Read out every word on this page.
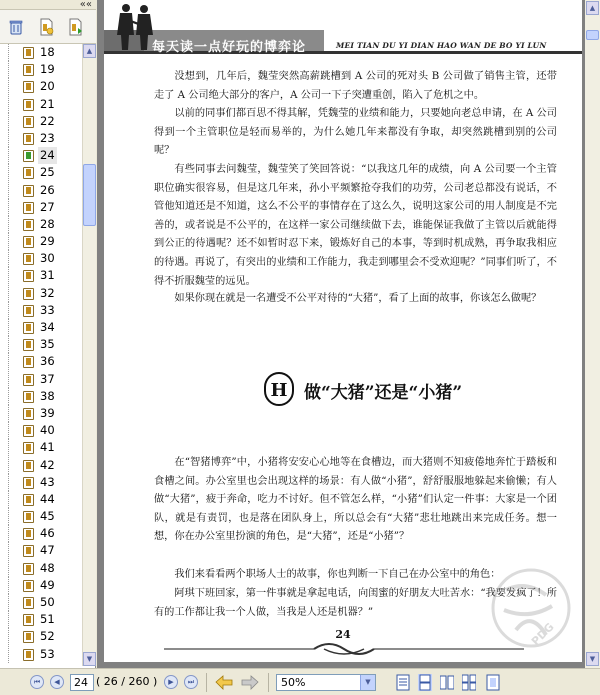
««
18
19
20
21
22
23
24
25
26
27
28
29
30
31
32
33
34
35
36
37
38
39
40
41
42
43
44
45
46
47
48
49
50
51
52
53
▲
▼
每天读一点好玩的博弈论	MEI TIAN DU YI DIAN HAO WAN DE BO YI LUN
没想到，几年后，魏莹突然高薪跳槽到 A 公司的死对头 B 公司做了销售主管，还带走了 A 公司绝大部分的客户，A 公司一下子突遭重创，陷入了危机之中。
以前的同事们都百思不得其解，凭魏莹的业绩和能力，只要她向老总申请，在 A 公司得到一个主管职位是轻而易举的，为什么她几年来都没有争取，却突然跳槽到别的公司呢？
有些同事去问魏莹，魏莹笑了笑回答说：“以我这几年的成绩，向 A 公司要一个主管职位确实很容易，但是这几年来，孙小平频繁抢夺我们的功劳，公司老总都没有说话，不管他知道还是不知道，这么不公平的事情存在了这么久，说明这家公司的用人制度是不完善的，或者说是不公平的，在这样一家公司继续做下去，谁能保证我做了主管以后就能得到公正的待遇呢？还不如暂时忍下来，锻炼好自己的本事，等到时机成熟，再争取我相应的待遇。再说了，有突出的业绩和工作能力，我走到哪里会不受欢迎呢？”同事们听了，不得不折服魏莹的远见。
如果你现在就是一名遭受不公平对待的“大猪”，看了上面的故事，你该怎么做呢？
H 做“大猪”还是“小猪”
在“智猪博弈”中，小猪将安安心心地等在食槽边，而大猪则不知疲倦地奔忙于踏板和食槽之间。办公室里也会出现这样的场景：有人做“小猪”，舒舒服服地躲起来偷懒；有人做“大猪”，疲于奔命，吃力不讨好。但不管怎么样，“小猪”们认定一件事：大家是一个团队，就是有责罚，也是落在团队身上，所以总会有“大猪”悲壮地跳出来完成任务。想一想，你在办公室里扮演的角色，是“大猪”，还是“小猪”？
我们来看看两个职场人士的故事，你也判断一下自己在办公室中的角色：
阿琪下班回家，第一件事就是拿起电话，向闺蜜的好朋友大吐苦水：“我要发疯了！所有的工作都让我一个人做，当我是人还是机器？”
PDG
24
▲
▼
⏮	◀	24 ( 26 / 260 )	▶	⏭	50%	▼
